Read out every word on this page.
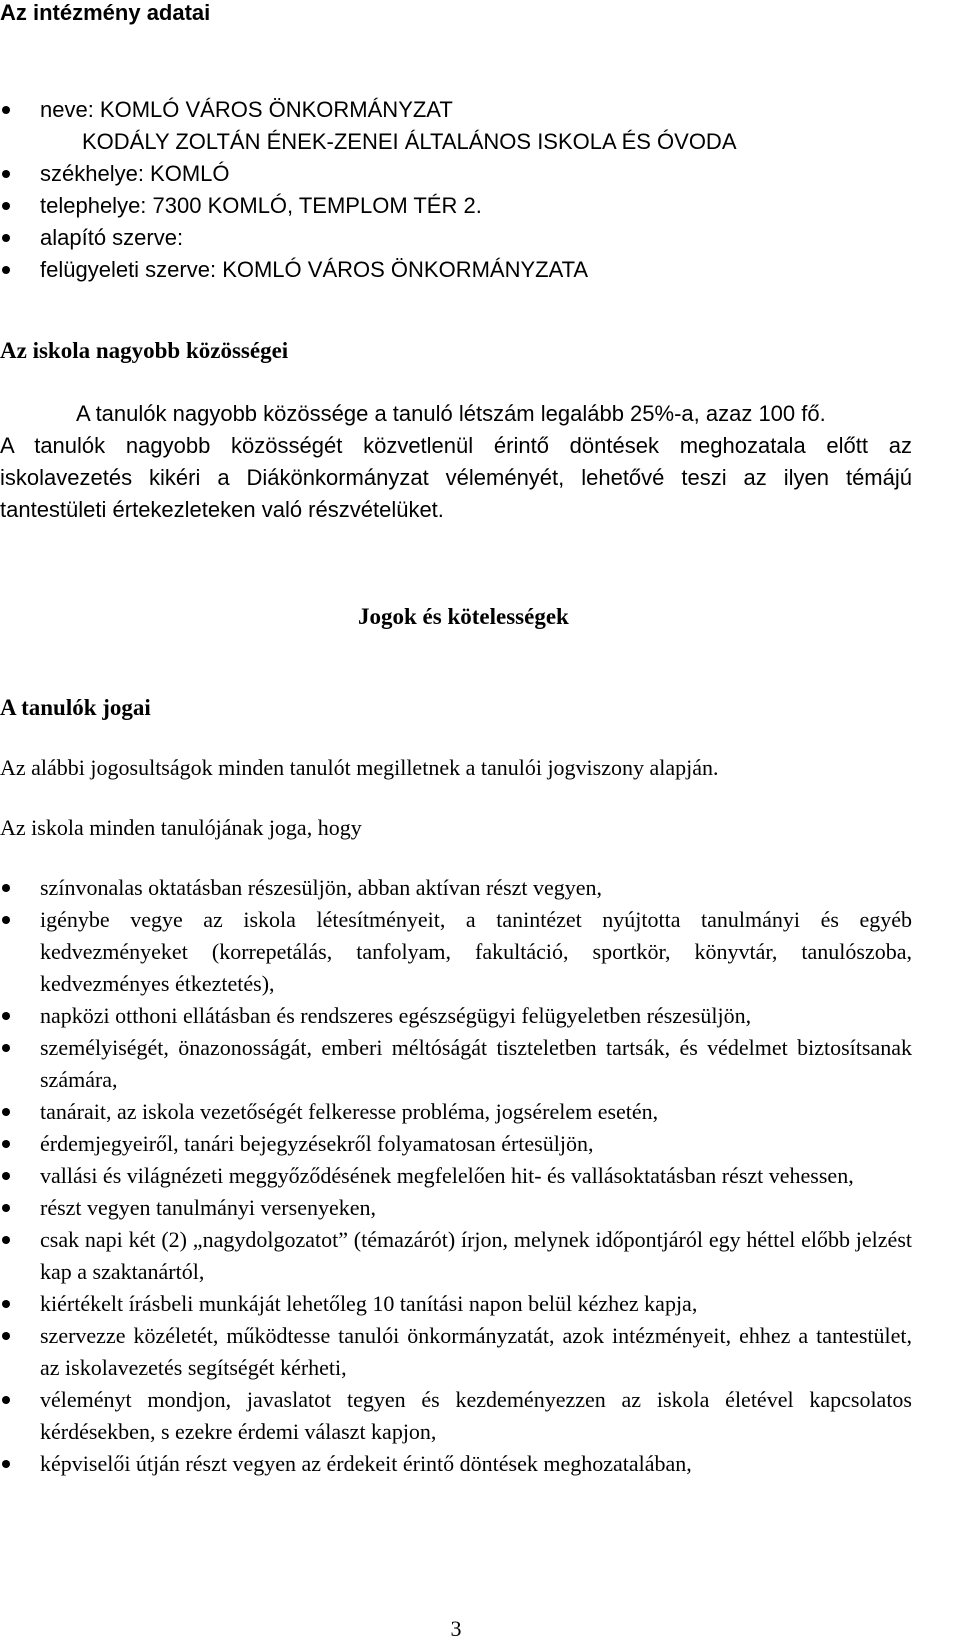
Az intézmény adatai
neve: KOMLÓ VÁROS ÖNKORMÁNYZAT
KODÁLY ZOLTÁN ÉNEK-ZENEI ÁLTALÁNOS ISKOLA ÉS ÓVODA
székhelye: KOMLÓ
telephelye: 7300 KOMLÓ, TEMPLOM TÉR 2.
alapító szerve:
felügyeleti szerve: KOMLÓ VÁROS ÖNKORMÁNYZATA
Az iskola nagyobb közösségei

A tanulók nagyobb közössége a tanuló létszám legalább 25%-a, azaz 100 fő.
A tanulók nagyobb közösségét közvetlenül érintő döntések meghozatala előtt az iskolavezetés kikéri a Diákönkormányzat véleményét, lehetővé teszi az ilyen témájú tantestületi értekezleteken való részvételüket.

Jogok és kötelességek
A tanulók jogai

Az alábbi jogosultságok minden tanulót megilletnek a tanulói jogviszony alapján.

Az iskola minden tanulójának joga, hogy

színvonalas oktatásban részesüljön, abban aktívan részt vegyen,
igénybe vegye az iskola létesítményeit, a tanintézet nyújtotta tanulmányi és egyéb kedvezményeket (korrepetálás, tanfolyam, fakultáció, sportkör, könyvtár, tanulószoba, kedvezményes étkeztetés),
napközi otthoni ellátásban és rendszeres egészségügyi felügyeletben részesüljön,
személyiségét, önazonosságát, emberi méltóságát tiszteletben tartsák, és védelmet biztosítsanak számára,
tanárait, az iskola vezetőségét felkeresse probléma, jogsérelem esetén,
érdemjegyeiről, tanári bejegyzésekről folyamatosan értesüljön,
vallási és világnézeti meggyőződésének megfelelően hit- és vallásoktatásban részt vehessen,
részt vegyen tanulmányi versenyeken,
csak napi két (2) „nagydolgozatot” (témazárót) írjon, melynek időpontjáról egy héttel előbb jelzést kap a szaktanártól,
kiértékelt írásbeli munkáját lehetőleg 10 tanítási napon belül kézhez kapja,
szervezze közéletét, működtesse tanulói önkormányzatát, azok intézményeit, ehhez a tantestület, az iskolavezetés segítségét kérheti,
véleményt mondjon, javaslatot tegyen és kezdeményezzen az iskola életével kapcsolatos kérdésekben, s ezekre érdemi választ kapjon,
képviselői útján részt vegyen az érdekeit érintő döntések meghozatalában,
3
